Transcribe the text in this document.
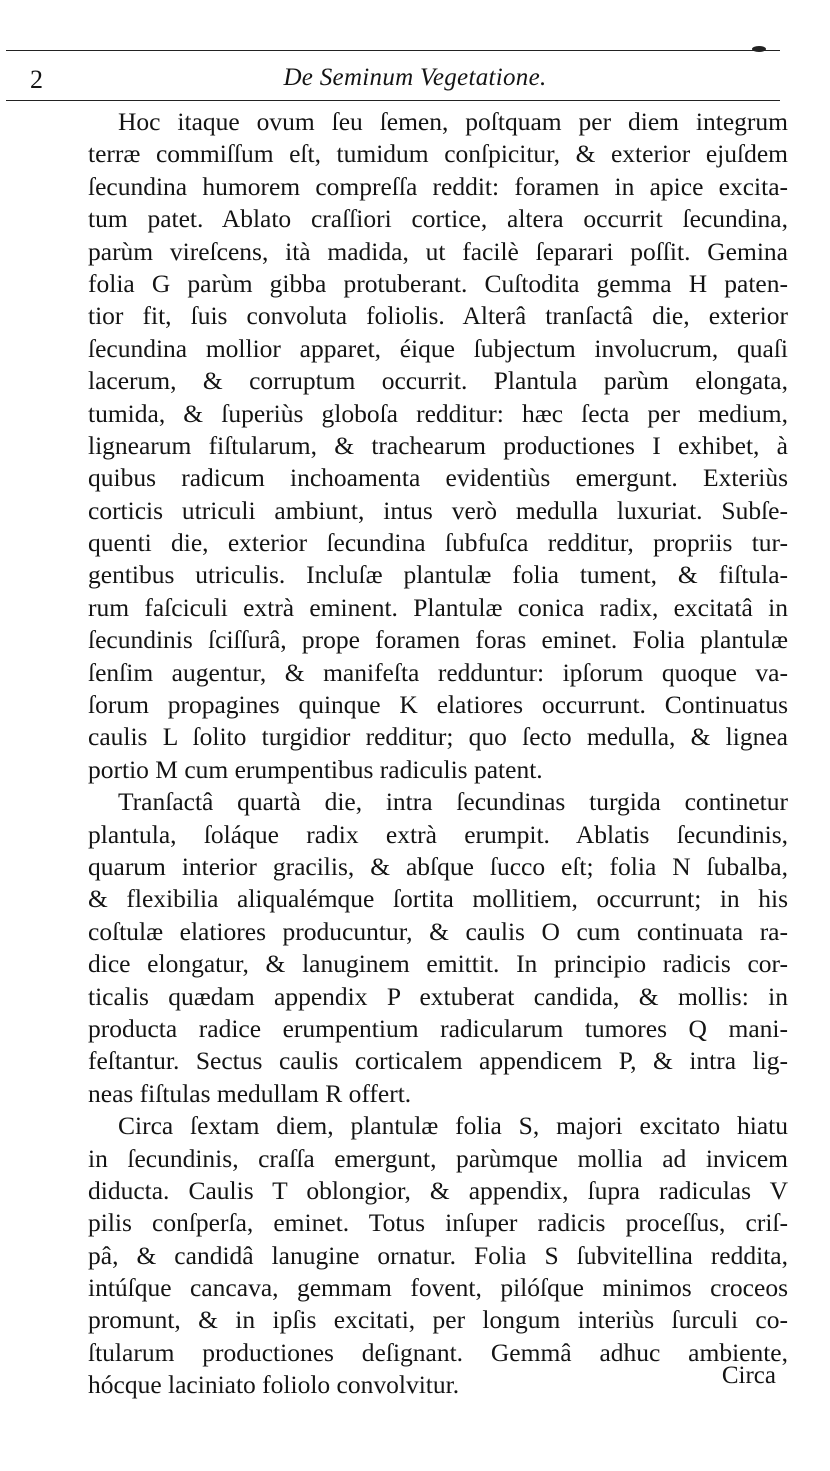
2	De Seminum Vegetatione.
Hoc itaque ovum ſeu ſemen, poſtquam per diem integrum
terræ commiſſum eſt, tumidum conſpicitur, & exterior ejuſdem
ſecundina humorem compreſſa reddit: foramen in apice excita-
tum patet. Ablato craſſiori cortice, altera occurrit ſecundina,
parùm vireſcens, ità madida, ut facilè ſeparari poſſit. Gemina
folia G parùm gibba protuberant. Cuſtodita gemma H paten-
tior fit, ſuis convoluta foliolis. Alterâ tranſactâ die, exterior
ſecundina mollior apparet, éique ſubjectum involucrum, quaſi
lacerum, & corruptum occurrit. Plantula parùm elongata,
tumida, & ſuperiùs globoſa redditur: hæc ſecta per medium,
lignearum fiſtularum, & trachearum productiones I exhibet, à
quibus radicum inchoamenta evidentiùs emergunt. Exteriùs
corticis utriculi ambiunt, intus verò medulla luxuriat. Subſe-
quenti die, exterior ſecundina ſubfuſca redditur, propriis tur-
gentibus utriculis. Incluſæ plantulæ folia tument, & fiſtula-
rum faſciculi extrà eminent. Plantulæ conica radix, excitatâ in
ſecundinis ſciſſurâ, prope foramen foras eminet. Folia plantulæ
ſenſim augentur, & manifeſta redduntur: ipſorum quoque va-
ſorum propagines quinque K elatiores occurrunt. Continuatus
caulis L ſolito turgidior redditur; quo ſecto medulla, & lignea
portio M cum erumpentibus radiculis patent.
Tranſactâ quartà die, intra ſecundinas turgida continetur
plantula, ſoláque radix extrà erumpit. Ablatis ſecundinis,
quarum interior gracilis, & abſque ſucco eſt; folia N ſubalba,
& flexibilia aliqualémque ſortita mollitiem, occurrunt; in his
coſtulæ elatiores producuntur, & caulis O cum continuata ra-
dice elongatur, & lanuginem emittit. In principio radicis cor-
ticalis quædam appendix P extuberat candida, & mollis: in
producta radice erumpentium radicularum tumores Q mani-
feſtantur. Sectus caulis corticalem appendicem P, & intra lig-
neas fiſtulas medullam R offert.
Circa ſextam diem, plantulæ folia S, majori excitato hiatu
in ſecundinis, craſſa emergunt, parùmque mollia ad invicem
diducta. Caulis T oblongior, & appendix, ſupra radiculas V
pilis conſperſa, eminet. Totus inſuper radicis proceſſus, criſ-
pâ, & candidâ lanugine ornatur. Folia S ſubvitellina reddita,
intúſque cancava, gemmam fovent, pilóſque minimos croceos
promunt, & in ipſis excitati, per longum interiùs ſurculi co-
ſtularum productiones deſignant. Gemmâ adhuc ambiente,
hócque laciniato foliolo convolvitur.	Circa
